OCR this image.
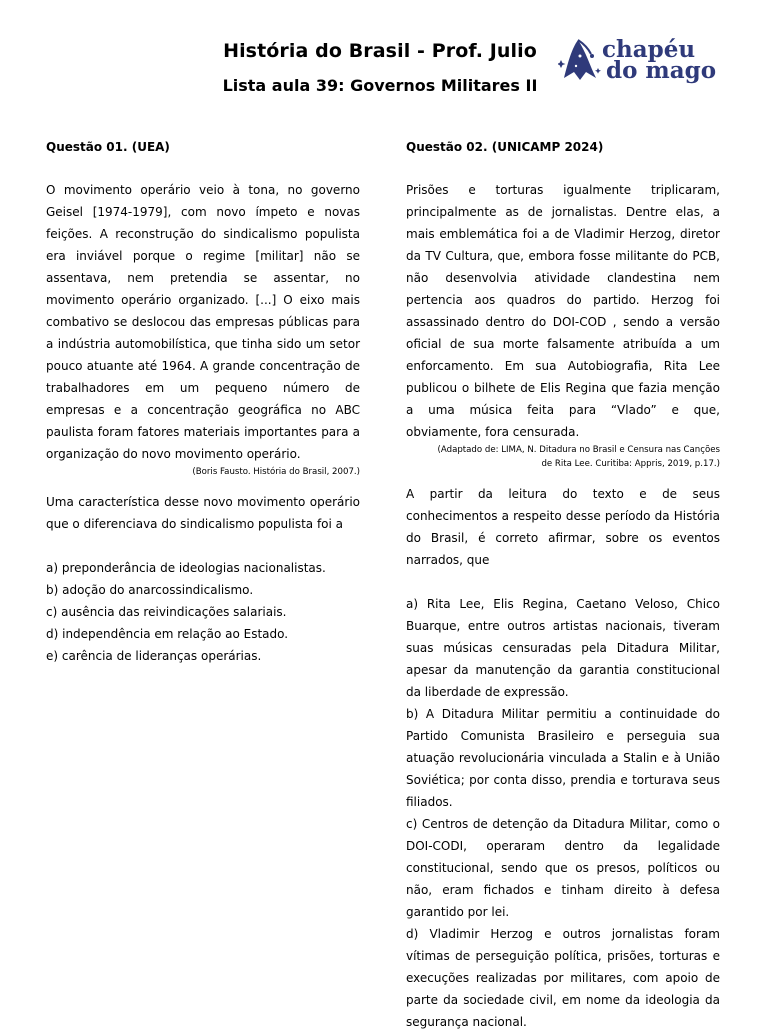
História do Brasil - Prof. Julio
Lista aula 39: Governos Militares II
chapéu
do mago

Questão 01. (UEA)

O movimento operário veio à tona, no governo Geisel [1974-1979], com novo ímpeto e novas feições. A reconstrução do sindicalismo populista era inviável porque o regime [militar] não se assentava, nem pretendia se assentar, no movimento operário organizado. [...] O eixo mais combativo se deslocou das empresas públicas para a indústria automobilística, que tinha sido um setor pouco atuante até 1964. A grande concentração de trabalhadores em um pequeno número de empresas e a concentração geográfica no ABC paulista foram fatores materiais importantes para a organização do novo movimento operário.

(Boris Fausto. História do Brasil, 2007.)

Uma característica desse novo movimento operário que o diferenciava do sindicalismo populista foi a

a) preponderância de ideologias nacionalistas.

b) adoção do anarcossindicalismo.

c) ausência das reivindicações salariais.

d) independência em relação ao Estado.

e) carência de lideranças operárias.

Questão 02. (UNICAMP 2024)

Prisões e torturas igualmente triplicaram, principalmente as de jornalistas. Dentre elas, a mais emblemática foi a de Vladimir Herzog, diretor da TV Cultura, que, embora fosse militante do PCB, não desenvolvia atividade clandestina nem pertencia aos quadros do partido. Herzog foi assassinado dentro do DOI-COD , sendo a versão oficial de sua morte falsamente atribuída a um enforcamento. Em sua Autobiografia, Rita Lee publicou o bilhete de Elis Regina que fazia menção a uma música feita para “Vlado” e que, obviamente, fora censurada.

(Adaptado de: LIMA, N. Ditadura no Brasil e Censura nas Canções

de Rita Lee. Curitiba: Appris, 2019, p.17.)

A partir da leitura do texto e de seus conhecimentos a respeito desse período da História do Brasil, é correto afirmar, sobre os eventos narrados, que

a) Rita Lee, Elis Regina, Caetano Veloso, Chico Buarque, entre outros artistas nacionais, tiveram suas músicas censuradas pela Ditadura Militar, apesar da manutenção da garantia constitucional da liberdade de expressão.

b) A Ditadura Militar permitiu a continuidade do Partido Comunista Brasileiro e perseguia sua atuação revolucionária vinculada a Stalin e à União Soviética; por conta disso, prendia e torturava seus filiados.

c) Centros de detenção da Ditadura Militar, como o DOI-CODI, operaram dentro da legalidade constitucional, sendo que os presos, políticos ou não, eram fichados e tinham direito à defesa garantido por lei.

d) Vladimir Herzog e outros jornalistas foram vítimas de perseguição política, prisões, torturas e execuções realizadas por militares, com apoio de parte da sociedade civil, em nome da ideologia da segurança nacional.
